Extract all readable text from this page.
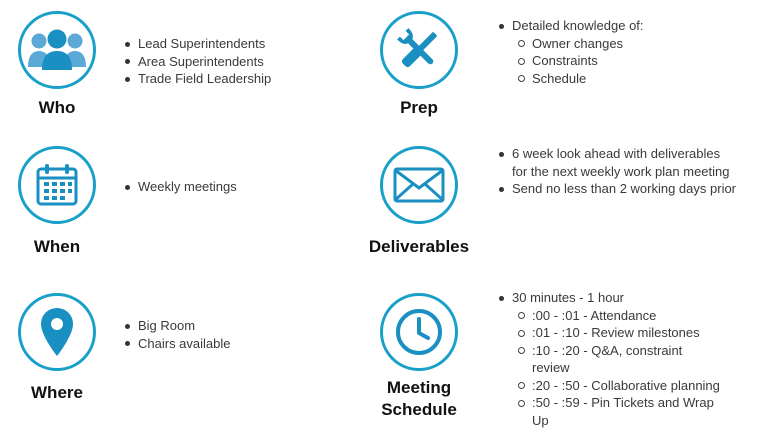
Who
Lead Superintendents
Area Superintendents
Trade Field Leadership
When
Weekly meetings
Where
Big Room
Chairs available
Prep
Detailed knowledge of:
Owner changes
Constraints
Schedule
Deliverables
6 week look ahead with deliverables for the next weekly work plan meeting
Send no less than 2 working days prior
Meeting
Schedule
30 minutes - 1 hour
:00 - :01 - Attendance
:01 - :10 - Review milestones
:10 - :20 - Q&A, constraint review
:20 - :50 - Collaborative planning
:50 - :59 - Pin Tickets and Wrap Up
